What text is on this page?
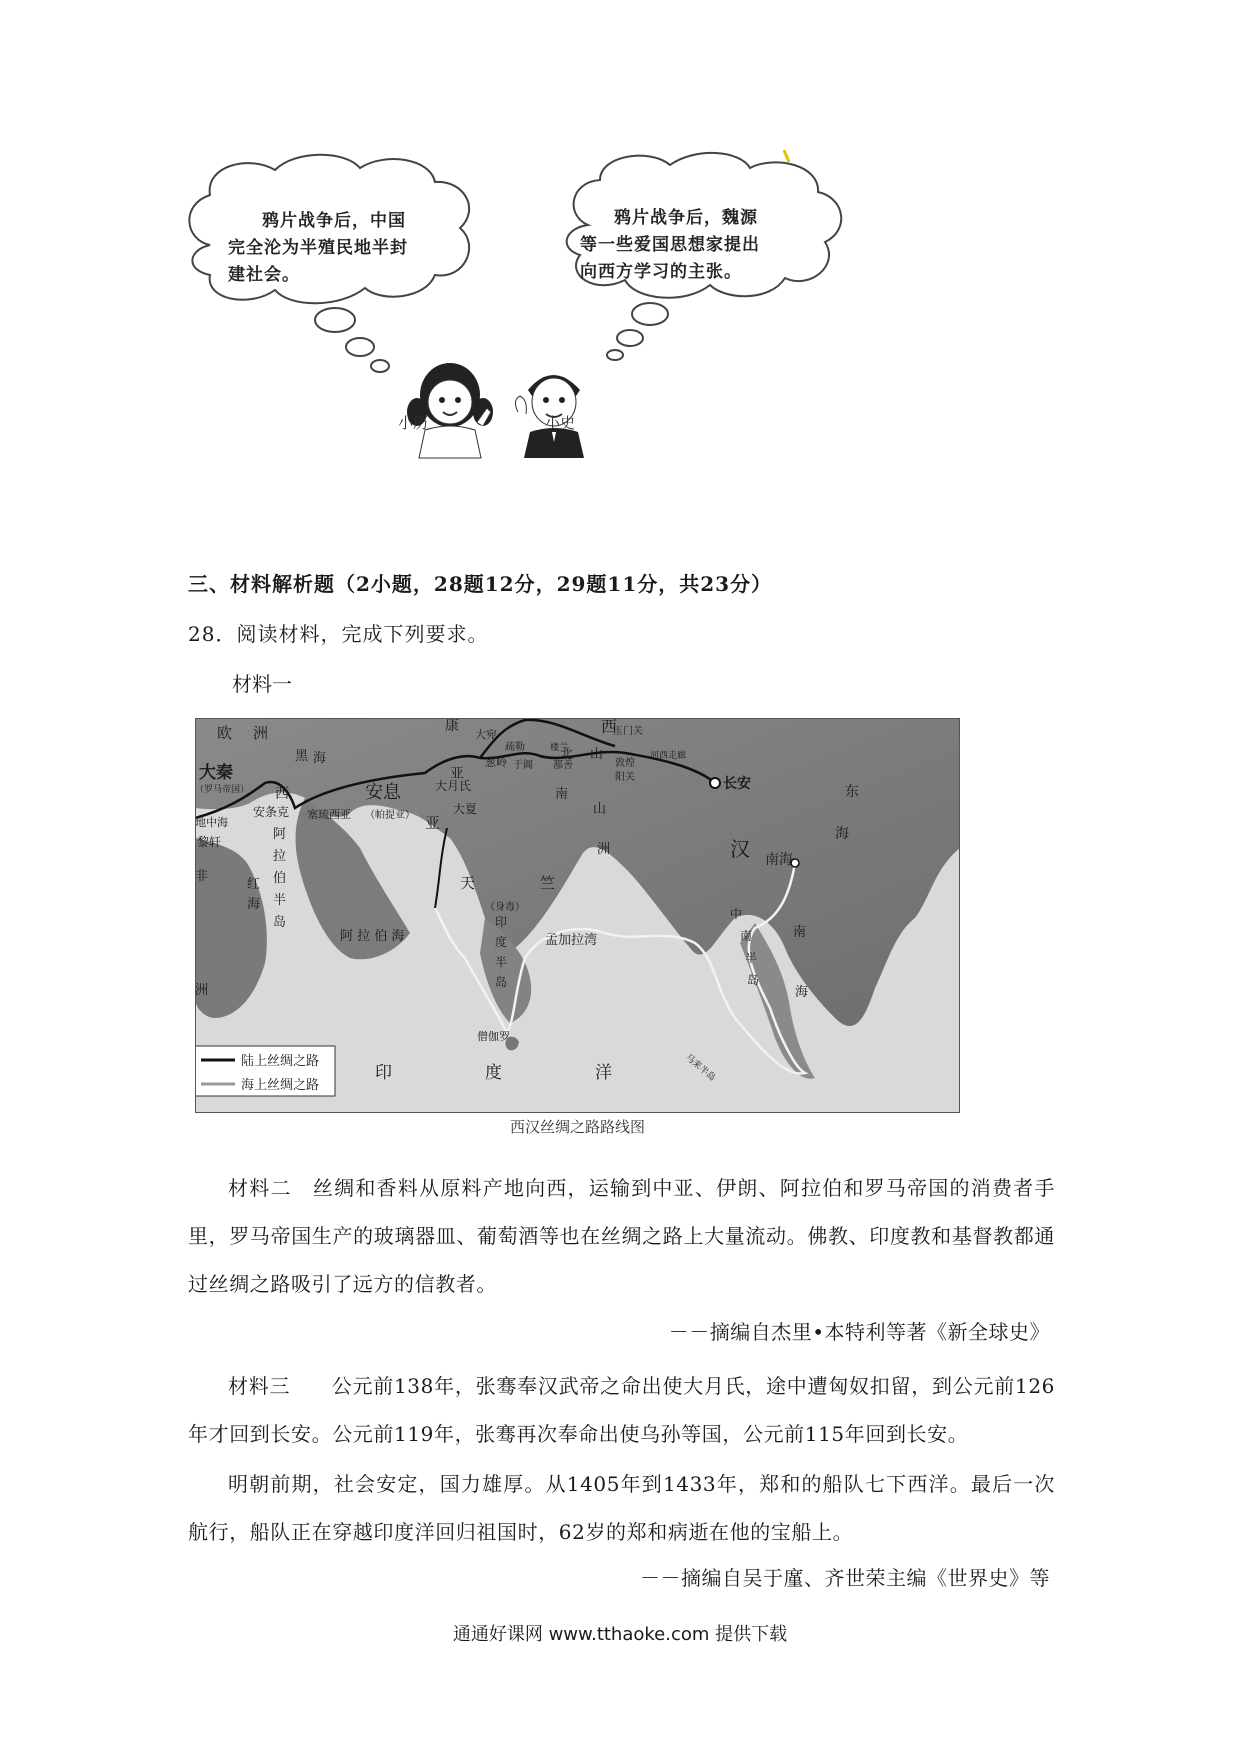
鸦片战争后，中国
完全沦为半殖民地半封
建社会。
鸦片战争后，魏源
等一些爱国思想家提出
向西方学习的主张。
小历	小史
三、材料解析题（2小题，28题12分，29题11分，共23分）
28．阅读材料，完成下列要求。
材料一
欧 洲
黑 海
大秦
（罗马帝国）
地中海
黎轩
安条克
西
塞琉西亚
安息
（帕提亚） 亚
亚
大月氏
大夏
康
大宛
葱岭
疏勒
于阗 鄯善
楼兰
敦煌
玉门关
西
阳关
河西走廊
长安
汉 南海
东
海
天	竺
（身毒）
印
度
半
岛
阿
拉
伯
半
岛
红
海
非
洲
阿 拉 伯 海	孟加拉湾
僧伽罗
印	度	洋
中
南
半
岛
南
海
马来半岛
南
山
北 山
洲
陆上丝绸之路
海上丝绸之路
西汉丝绸之路路线图
材料二　丝绸和香料从原料产地向西，运输到中亚、伊朗、阿拉伯和罗马帝国的消费者手里，罗马帝国生产的玻璃器皿、葡萄酒等也在丝绸之路上大量流动。佛教、印度教和基督教都通过丝绸之路吸引了远方的信教者。
－－摘编自杰里•本特利等著《新全球史》
材料三　　公元前138年，张骞奉汉武帝之命出使大月氏，途中遭匈奴扣留，到公元前126年才回到长安。公元前119年，张骞再次奉命出使乌孙等国，公元前115年回到长安。
明朝前期，社会安定，国力雄厚。从1405年到1433年，郑和的船队七下西洋。最后一次航行，船队正在穿越印度洋回归祖国时，62岁的郑和病逝在他的宝船上。
－－摘编自吴于廑、齐世荣主编《世界史》等
通通好课网 www.tthaoke.com 提供下载
